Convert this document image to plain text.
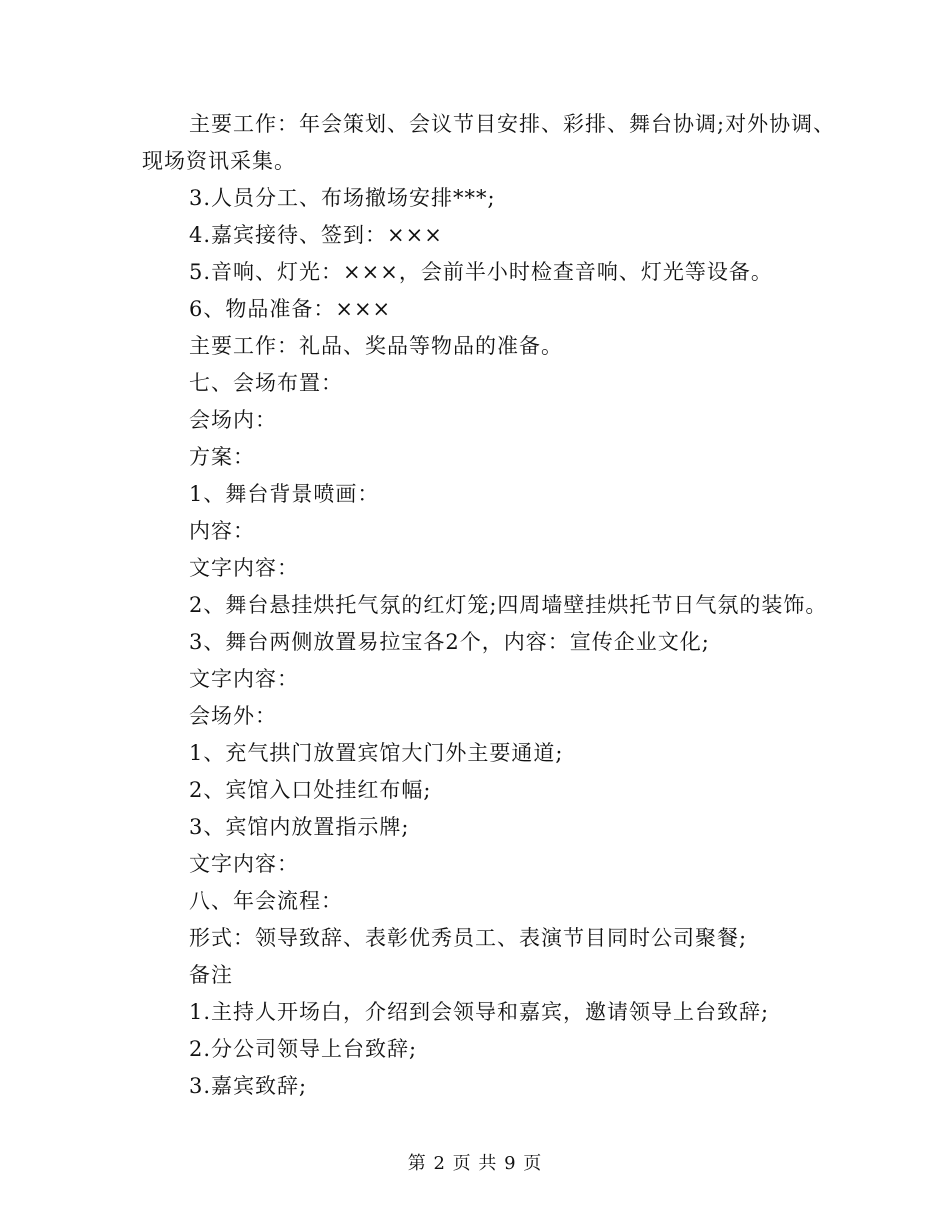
主要工作：年会策划、会议节目安排、彩排、舞台协调;对外协调、
现场资讯采集。
3.人员分工、布场撤场安排***;
4.嘉宾接待、签到：×××
5.音响、灯光：×××，会前半小时检查音响、灯光等设备。
6、物品准备：×××
主要工作：礼品、奖品等物品的准备。
七、会场布置：
会场内：
方案：
1、舞台背景喷画：
内容：
文字内容：
2、舞台悬挂烘托气氛的红灯笼;四周墙壁挂烘托节日气氛的装饰。
3、舞台两侧放置易拉宝各2个，内容：宣传企业文化;
文字内容：
会场外：
1、充气拱门放置宾馆大门外主要通道;
2、宾馆入口处挂红布幅;
3、宾馆内放置指示牌;
文字内容：
八、年会流程：
形式：领导致辞、表彰优秀员工、表演节目同时公司聚餐;
备注
1.主持人开场白，介绍到会领导和嘉宾，邀请领导上台致辞;
2.分公司领导上台致辞;
3.嘉宾致辞;
第 2 页 共 9 页
